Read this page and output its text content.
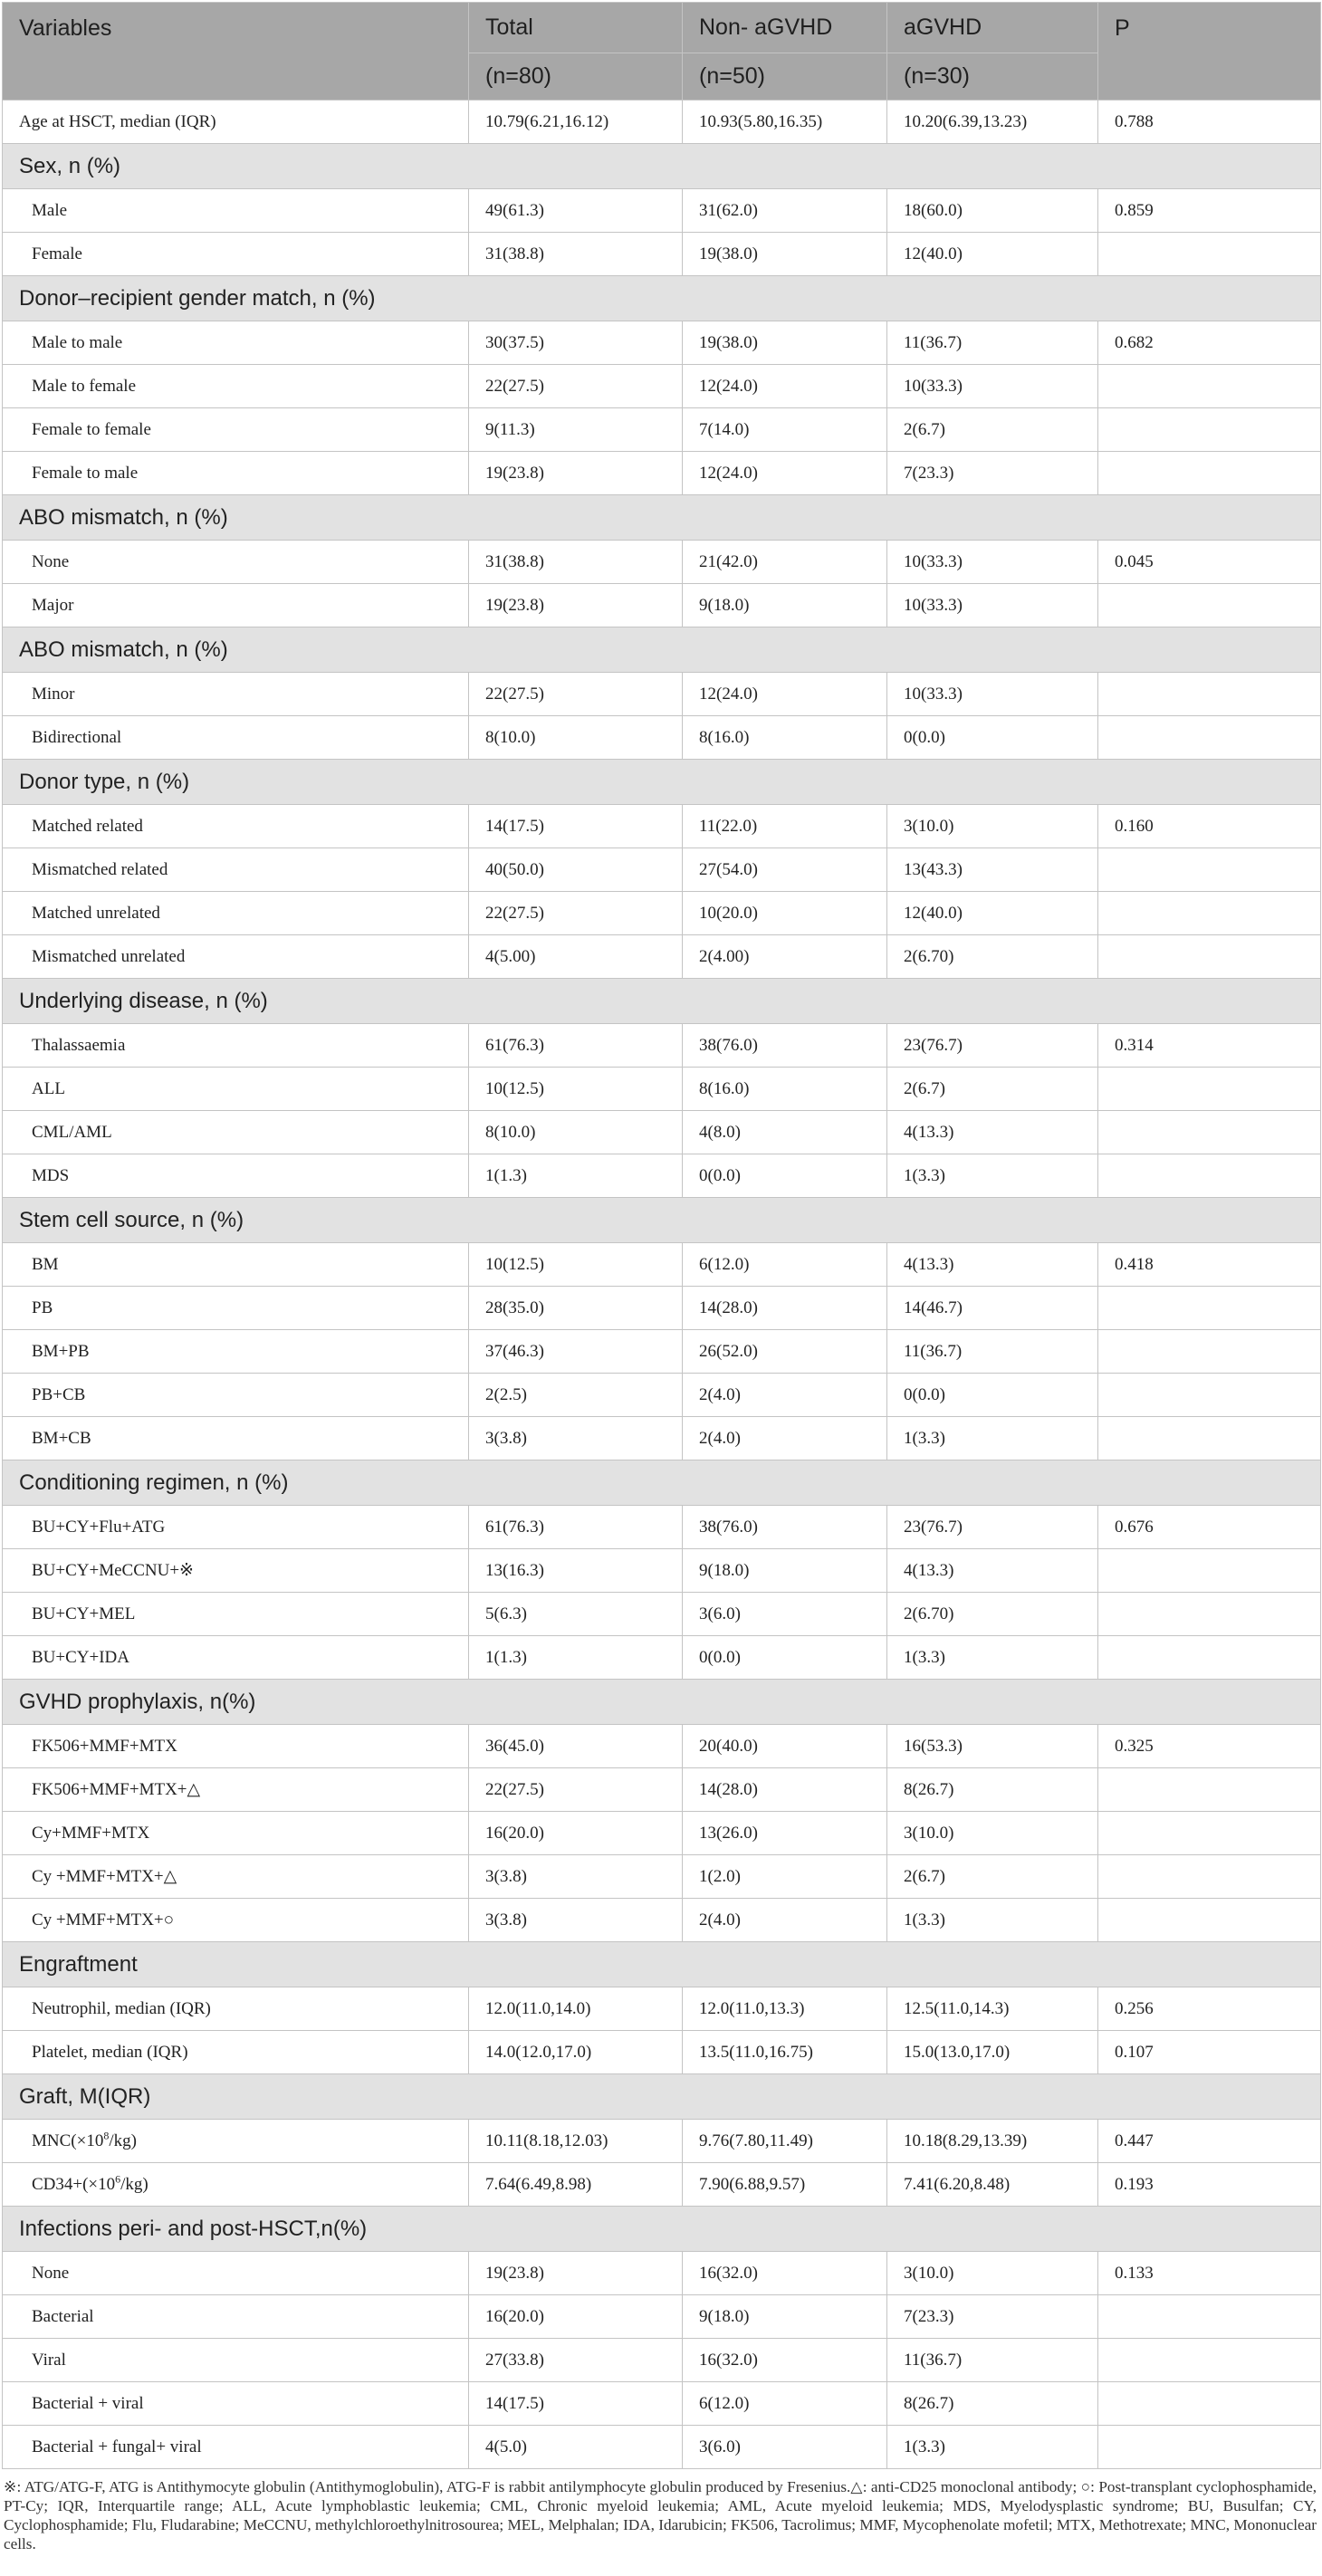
Variables	Total	Non- aGVHD	aGVHD	P
	(n=80)	(n=50)	(n=30)	
Age at HSCT, median (IQR)	10.79(6.21,16.12)	10.93(5.80,16.35)	10.20(6.39,13.23)	0.788
Sex, n (%)				
Male	49(61.3)	31(62.0)	18(60.0)	0.859
Female	31(38.8)	19(38.0)	12(40.0)	
Donor–recipient gender match, n (%)				
Male to male	30(37.5)	19(38.0)	11(36.7)	0.682
Male to female	22(27.5)	12(24.0)	10(33.3)	
Female to female	9(11.3)	7(14.0)	2(6.7)	
Female to male	19(23.8)	12(24.0)	7(23.3)	
ABO mismatch, n (%)				
None	31(38.8)	21(42.0)	10(33.3)	0.045
Major	19(23.8)	9(18.0)	10(33.3)	
ABO mismatch, n (%)				
Minor	22(27.5)	12(24.0)	10(33.3)	
Bidirectional	8(10.0)	8(16.0)	0(0.0)	
Donor type, n (%)				
Matched related	14(17.5)	11(22.0)	3(10.0)	0.160
Mismatched related	40(50.0)	27(54.0)	13(43.3)	
Matched unrelated	22(27.5)	10(20.0)	12(40.0)	
Mismatched unrelated	4(5.00)	2(4.00)	2(6.70)	
Underlying disease, n (%)				
Thalassaemia	61(76.3)	38(76.0)	23(76.7)	0.314
ALL	10(12.5)	8(16.0)	2(6.7)	
CML/AML	8(10.0)	4(8.0)	4(13.3)	
MDS	1(1.3)	0(0.0)	1(3.3)	
Stem cell source, n (%)				
BM	10(12.5)	6(12.0)	4(13.3)	0.418
PB	28(35.0)	14(28.0)	14(46.7)	
BM+PB	37(46.3)	26(52.0)	11(36.7)	
PB+CB	2(2.5)	2(4.0)	0(0.0)	
BM+CB	3(3.8)	2(4.0)	1(3.3)	
Conditioning regimen, n (%)				
BU+CY+Flu+ATG	61(76.3)	38(76.0)	23(76.7)	0.676
BU+CY+MeCCNU+※	13(16.3)	9(18.0)	4(13.3)	
BU+CY+MEL	5(6.3)	3(6.0)	2(6.70)	
BU+CY+IDA	1(1.3)	0(0.0)	1(3.3)	
GVHD prophylaxis, n(%)				
FK506+MMF+MTX	36(45.0)	20(40.0)	16(53.3)	0.325
FK506+MMF+MTX+△	22(27.5)	14(28.0)	8(26.7)	
Cy+MMF+MTX	16(20.0)	13(26.0)	3(10.0)	
Cy +MMF+MTX+△	3(3.8)	1(2.0)	2(6.7)	
Cy +MMF+MTX+○	3(3.8)	2(4.0)	1(3.3)	
Engraftment				
Neutrophil, median (IQR)	12.0(11.0,14.0)	12.0(11.0,13.3)	12.5(11.0,14.3)	0.256
Platelet, median (IQR)	14.0(12.0,17.0)	13.5(11.0,16.75)	15.0(13.0,17.0)	0.107
Graft, M(IQR)				
$MNC(\times 10^8/kg)$	10.11(8.18,12.03)	9.76(7.80,11.49)	10.18(8.29,13.39)	0.447
$CD34+(\times 10^6/kg)$	7.64(6.49,8.98)	7.90(6.88,9.57)	7.41(6.20,8.48)	0.193
Infections peri- and post-HSCT,n(%)				
None	19(23.8)	16(32.0)	3(10.0)	0.133
Bacterial	16(20.0)	9(18.0)	7(23.3)	
Viral	27(33.8)	16(32.0)	11(36.7)	
Bacterial + viral	14(17.5)	6(12.0)	8(26.7)	
Bacterial + fungal+ viral	4(5.0)	3(6.0)	1(3.3)	
※: ATG/ATG-F, ATG is Antithymocyte globulin (Antithymoglobulin), ATG-F is rabbit antilymphocyte globulin produced by Fresenius.△: anti-CD25 monoclonal antibody; ○: Post-transplant cyclophosphamide, PT-Cy; IQR, Interquartile range; ALL, Acute lymphoblastic leukemia; CML, Chronic myeloid leukemia; AML, Acute myeloid leukemia; MDS, Myelodysplastic syndrome; BU, Busulfan; CY, Cyclophosphamide; Flu, Fludarabine; MeCCNU, methylchloroethylnitrosourea; MEL, Melphalan; IDA, Idarubicin; FK506, Tacrolimus; MMF, Mycophenolate mofetil; MTX, Methotrexate; MNC, Mononuclear cells.
